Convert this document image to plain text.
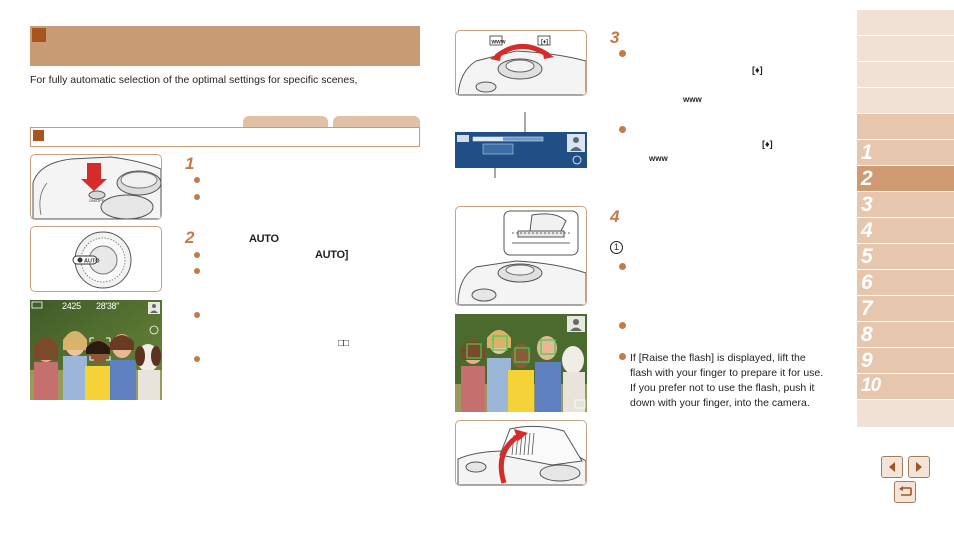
For fully automatic selection of the optimal settings for specific scenes,
ON/OFF
1
AUTO
2	AUTO
AUTO]
2425 28'38"
□□
www	[♦]	3
[♦]
www
[♦]
www
4
1
If [Raise the flash] is displayed, lift the
flash with your finger to prepare it for use.
If you prefer not to use the flash, push it
down with your finger, into the camera.
1
2
3
4
5
6
7
8
9
10
